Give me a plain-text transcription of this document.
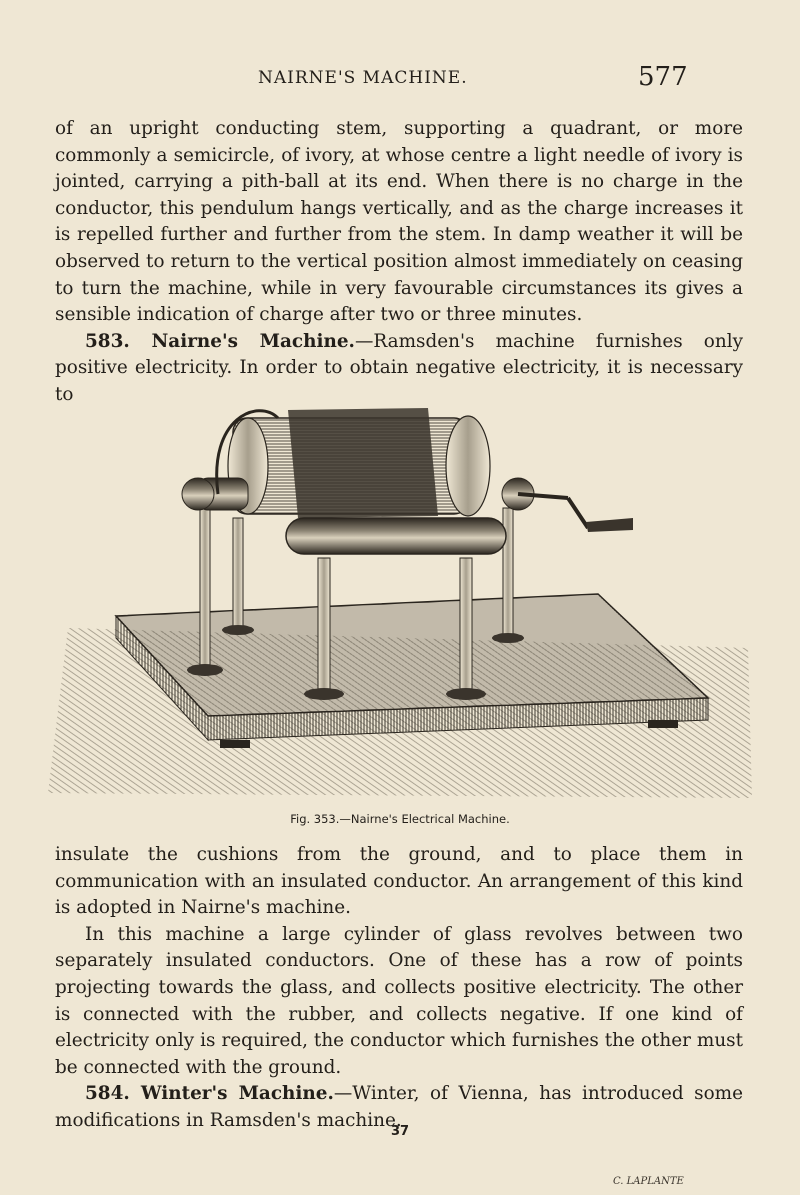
NAIRNE'S MACHINE.	577

of an upright conducting stem, supporting a quadrant, or more commonly a semicircle, of ivory, at whose centre a light needle of ivory is jointed, carrying a pith-ball at its end. When there is no charge in the conductor, this pendulum hangs vertically, and as the charge increases it is repelled further and further from the stem. In damp weather it will be observed to return to the vertical position almost immediately on ceasing to turn the machine, while in very favourable circumstances its gives a sensible indication of charge after two or three minutes.

583. Nairne's Machine.—Ramsden's machine furnishes only positive electricity. In order to obtain negative electricity, it is necessary to

C. LAPLANTE
Fig. 353.—Nairne's Electrical Machine.

insulate the cushions from the ground, and to place them in communication with an insulated conductor. An arrangement of this kind is adopted in Nairne's machine.

In this machine a large cylinder of glass revolves between two separately insulated conductors. One of these has a row of points projecting towards the glass, and collects positive electricity. The other is connected with the rubber, and collects negative. If one kind of electricity only is required, the conductor which furnishes the other must be connected with the ground.

584. Winter's Machine.—Winter, of Vienna, has introduced some modifications in Ramsden's machine.

37
